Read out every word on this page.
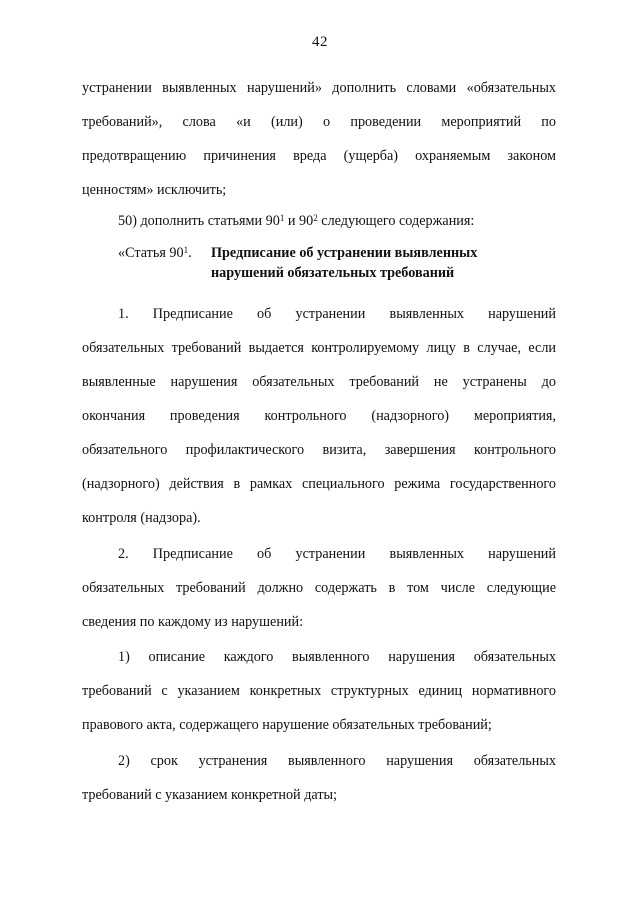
42
устранении выявленных нарушений» дополнить словами «обязательных
требований», слова «и (или) о проведении мероприятий по
предотвращению причинения вреда (ущерба) охраняемым законом
ценностям» исключить;
50) дополнить статьями $90^1$ и $90^2$ следующего содержания:
«Статья $90^1$. Предписание об устранении выявленных
нарушений обязательных требований
1. Предписание об устранении выявленных нарушений
обязательных требований выдается контролируемому лицу в случае, если
выявленные нарушения обязательных требований не устранены до
окончания проведения контрольного (надзорного) мероприятия,
обязательного профилактического визита, завершения контрольного
(надзорного) действия в рамках специального режима государственного
контроля (надзора).
2. Предписание об устранении выявленных нарушений
обязательных требований должно содержать в том числе следующие
сведения по каждому из нарушений:
1) описание каждого выявленного нарушения обязательных
требований с указанием конкретных структурных единиц нормативного
правового акта, содержащего нарушение обязательных требований;
2) срок устранения выявленного нарушения обязательных
требований с указанием конкретной даты;
